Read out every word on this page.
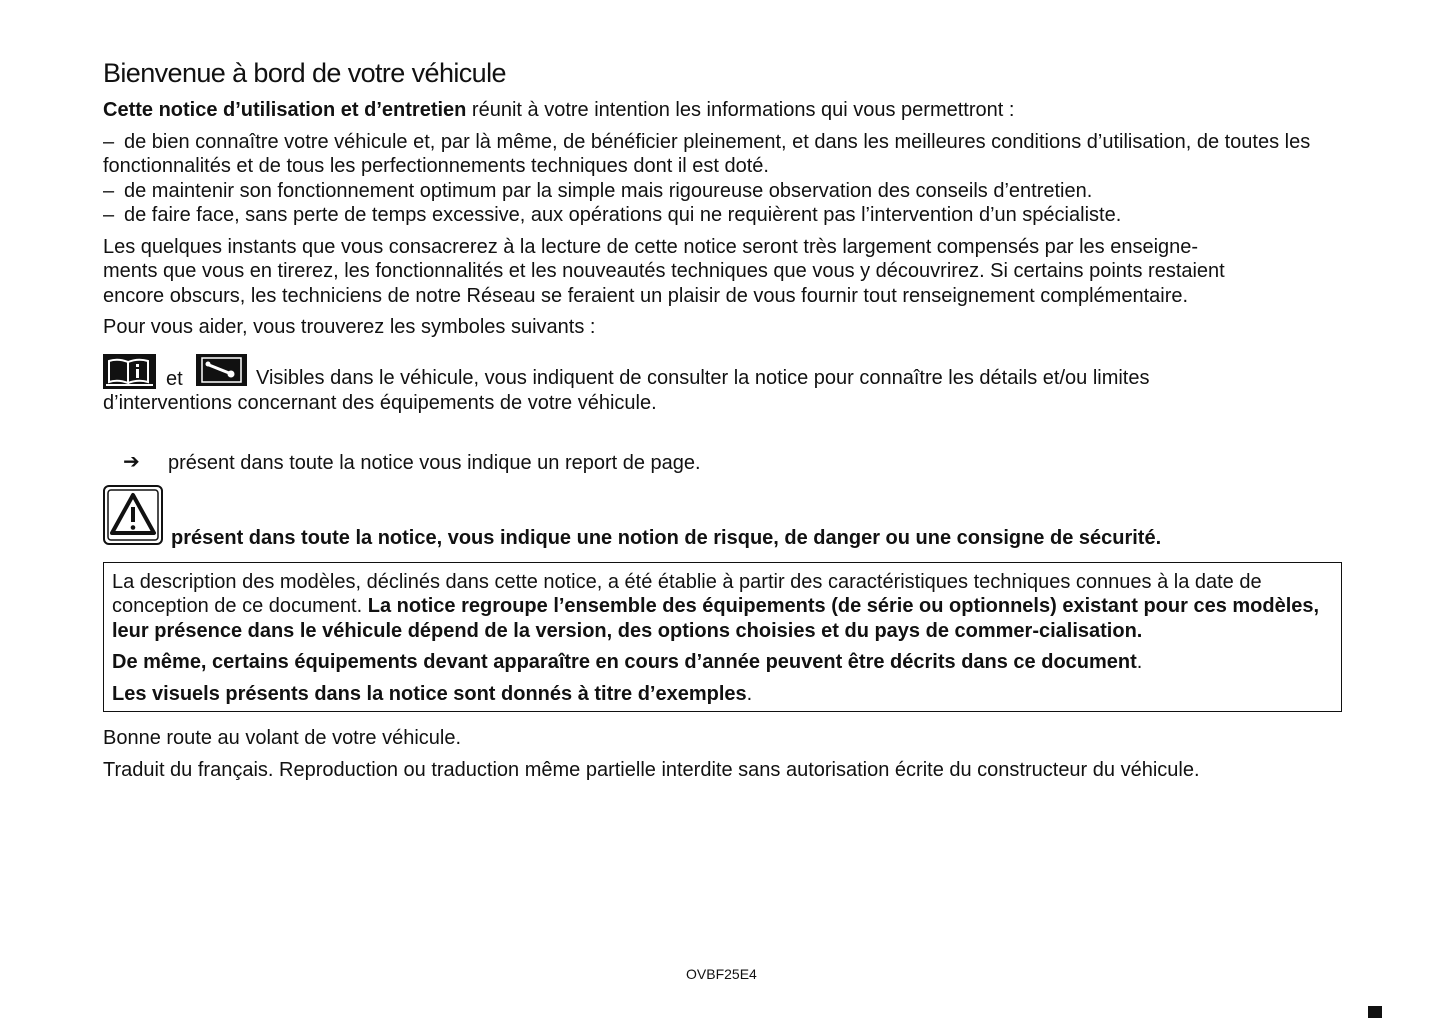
Bienvenue à bord de votre véhicule

Cette notice d’utilisation et d’entretien réunit à votre intention les informations qui vous permettront :

– de bien connaître votre véhicule et, par là même, de bénéficier pleinement, et dans les meilleures conditions d’utilisation, de toutes les fonctionnalités et de tous les perfectionnements techniques dont il est doté.
– de maintenir son fonctionnement optimum par la simple mais rigoureuse observation des conseils d’entretien.
– de faire face, sans perte de temps excessive, aux opérations qui ne requièrent pas l’intervention d’un spécialiste.

Les quelques instants que vous consacrerez à la lecture de cette notice seront très largement compensés par les enseigne-
ments que vous en tirerez, les fonctionnalités et les nouveautés techniques que vous y découvrirez. Si certains points restaient
encore obscurs, les techniciens de notre Réseau se feraient un plaisir de vous fournir tout renseignement complémentaire.

Pour vous aider, vous trouverez les symboles suivants :

et	Visibles dans le véhicule, vous indiquent de consulter la notice pour connaître les détails et/ou limites
d’interventions concernant des équipements de votre véhicule.
➔ présent dans toute la notice vous indique un report de page.
présent dans toute la notice, vous indique une notion de risque, de danger ou une consigne de sécurité.

La description des modèles, déclinés dans cette notice, a été établie à partir des caractéristiques techniques connues à la date de conception de ce document. La notice regroupe l’ensemble des équipements (de série ou optionnels) existant pour ces modèles, leur présence dans le véhicule dépend de la version, des options choisies et du pays de commer-cialisation.

De même, certains équipements devant apparaître en cours d’année peuvent être décrits dans ce document.

Les visuels présents dans la notice sont donnés à titre d’exemples.

Bonne route au volant de votre véhicule.

Traduit du français. Reproduction ou traduction même partielle interdite sans autorisation écrite du constructeur du véhicule.

OVBF25E4
